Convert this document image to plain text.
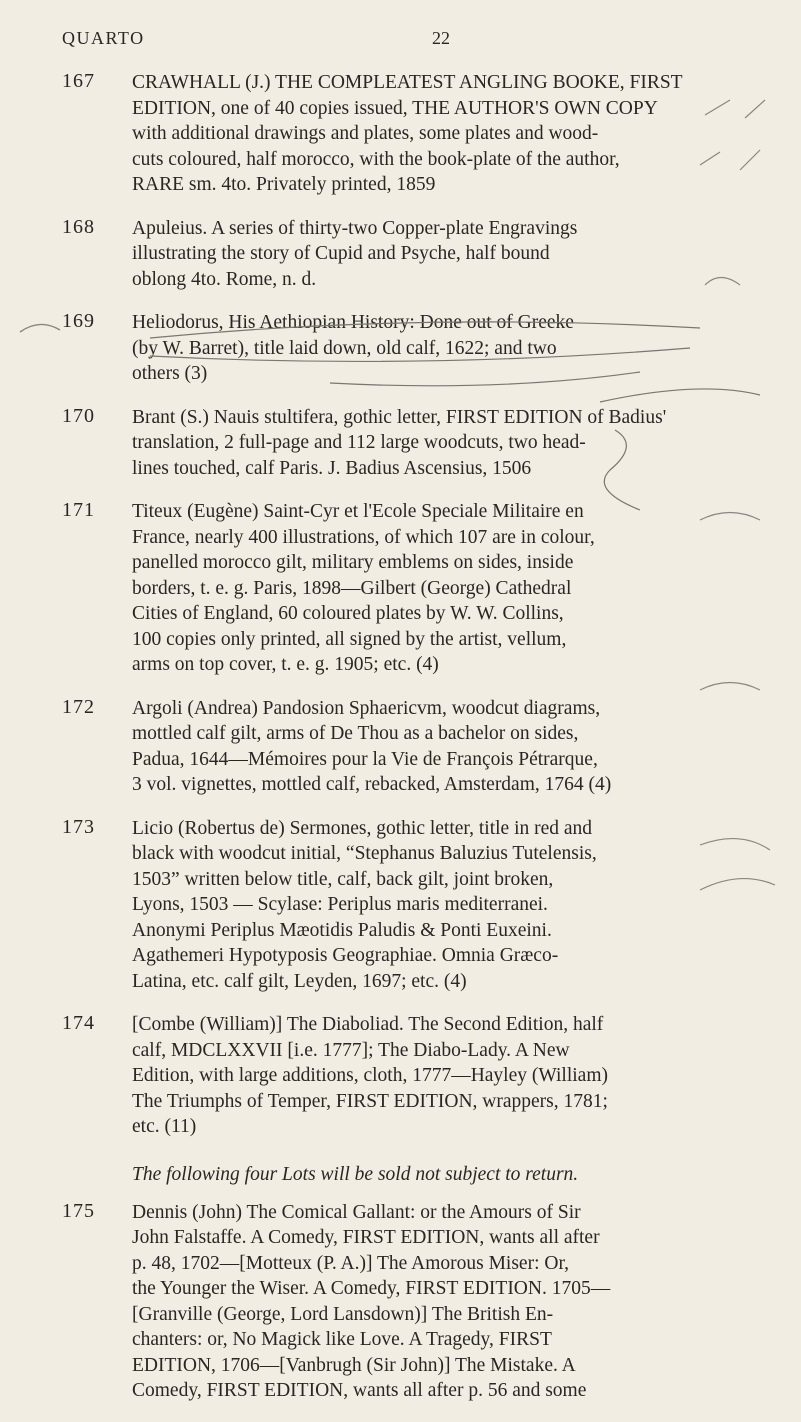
QUARTO	22
167	CRAWHALL (J.) THE COMPLEATEST ANGLING BOOKE, FIRST
EDITION, one of 40 copies issued, THE AUTHOR'S OWN COPY
with additional drawings and plates, some plates and wood-
cuts coloured, half morocco, with the book-plate of the author,
RARE sm. 4to. Privately printed, 1859
168	Apuleius. A series of thirty-two Copper-plate Engravings
illustrating the story of Cupid and Psyche, half bound
oblong 4to. Rome, n. d.
169	Heliodorus, His Aethiopian History: Done out of Greeke
(by W. Barret), title laid down, old calf, 1622; and two
others (3)
170	Brant (S.) Nauis stultifera, gothic letter, FIRST EDITION of Badius'
translation, 2 full-page and 112 large woodcuts, two head-
lines touched, calf Paris. J. Badius Ascensius, 1506
171	Titeux (Eugène) Saint-Cyr et l'Ecole Speciale Militaire en
France, nearly 400 illustrations, of which 107 are in colour,
panelled morocco gilt, military emblems on sides, inside
borders, t. e. g. Paris, 1898—Gilbert (George) Cathedral
Cities of England, 60 coloured plates by W. W. Collins,
100 copies only printed, all signed by the artist, vellum,
arms on top cover, t. e. g. 1905; etc. (4)
172	Argoli (Andrea) Pandosion Sphaericvm, woodcut diagrams,
mottled calf gilt, arms of De Thou as a bachelor on sides,
Padua, 1644—Mémoires pour la Vie de François Pétrarque,
3 vol. vignettes, mottled calf, rebacked, Amsterdam, 1764 (4)
173	Licio (Robertus de) Sermones, gothic letter, title in red and
black with woodcut initial, “Stephanus Baluzius Tutelensis,
1503” written below title, calf, back gilt, joint broken,
Lyons, 1503 — Scylase: Periplus maris mediterranei.
Anonymi Periplus Mæotidis Paludis & Ponti Euxeini.
Agathemeri Hypotyposis Geographiae. Omnia Græco-
Latina, etc. calf gilt, Leyden, 1697; etc. (4)
174	[Combe (William)] The Diaboliad. The Second Edition, half
calf, MDCLXXVII [i.e. 1777]; The Diabo-Lady. A New
Edition, with large additions, cloth, 1777—Hayley (William)
The Triumphs of Temper, FIRST EDITION, wrappers, 1781;
etc. (11)
The following four Lots will be sold not subject to return.
175	Dennis (John) The Comical Gallant: or the Amours of Sir
John Falstaffe. A Comedy, FIRST EDITION, wants all after
p. 48, 1702—[Motteux (P. A.)] The Amorous Miser: Or,
the Younger the Wiser. A Comedy, FIRST EDITION. 1705—
[Granville (George, Lord Lansdown)] The British En-
chanters: or, No Magick like Love. A Tragedy, FIRST
EDITION, 1706—[Vanbrugh (Sir John)] The Mistake. A
Comedy, FIRST EDITION, wants all after p. 56 and some
